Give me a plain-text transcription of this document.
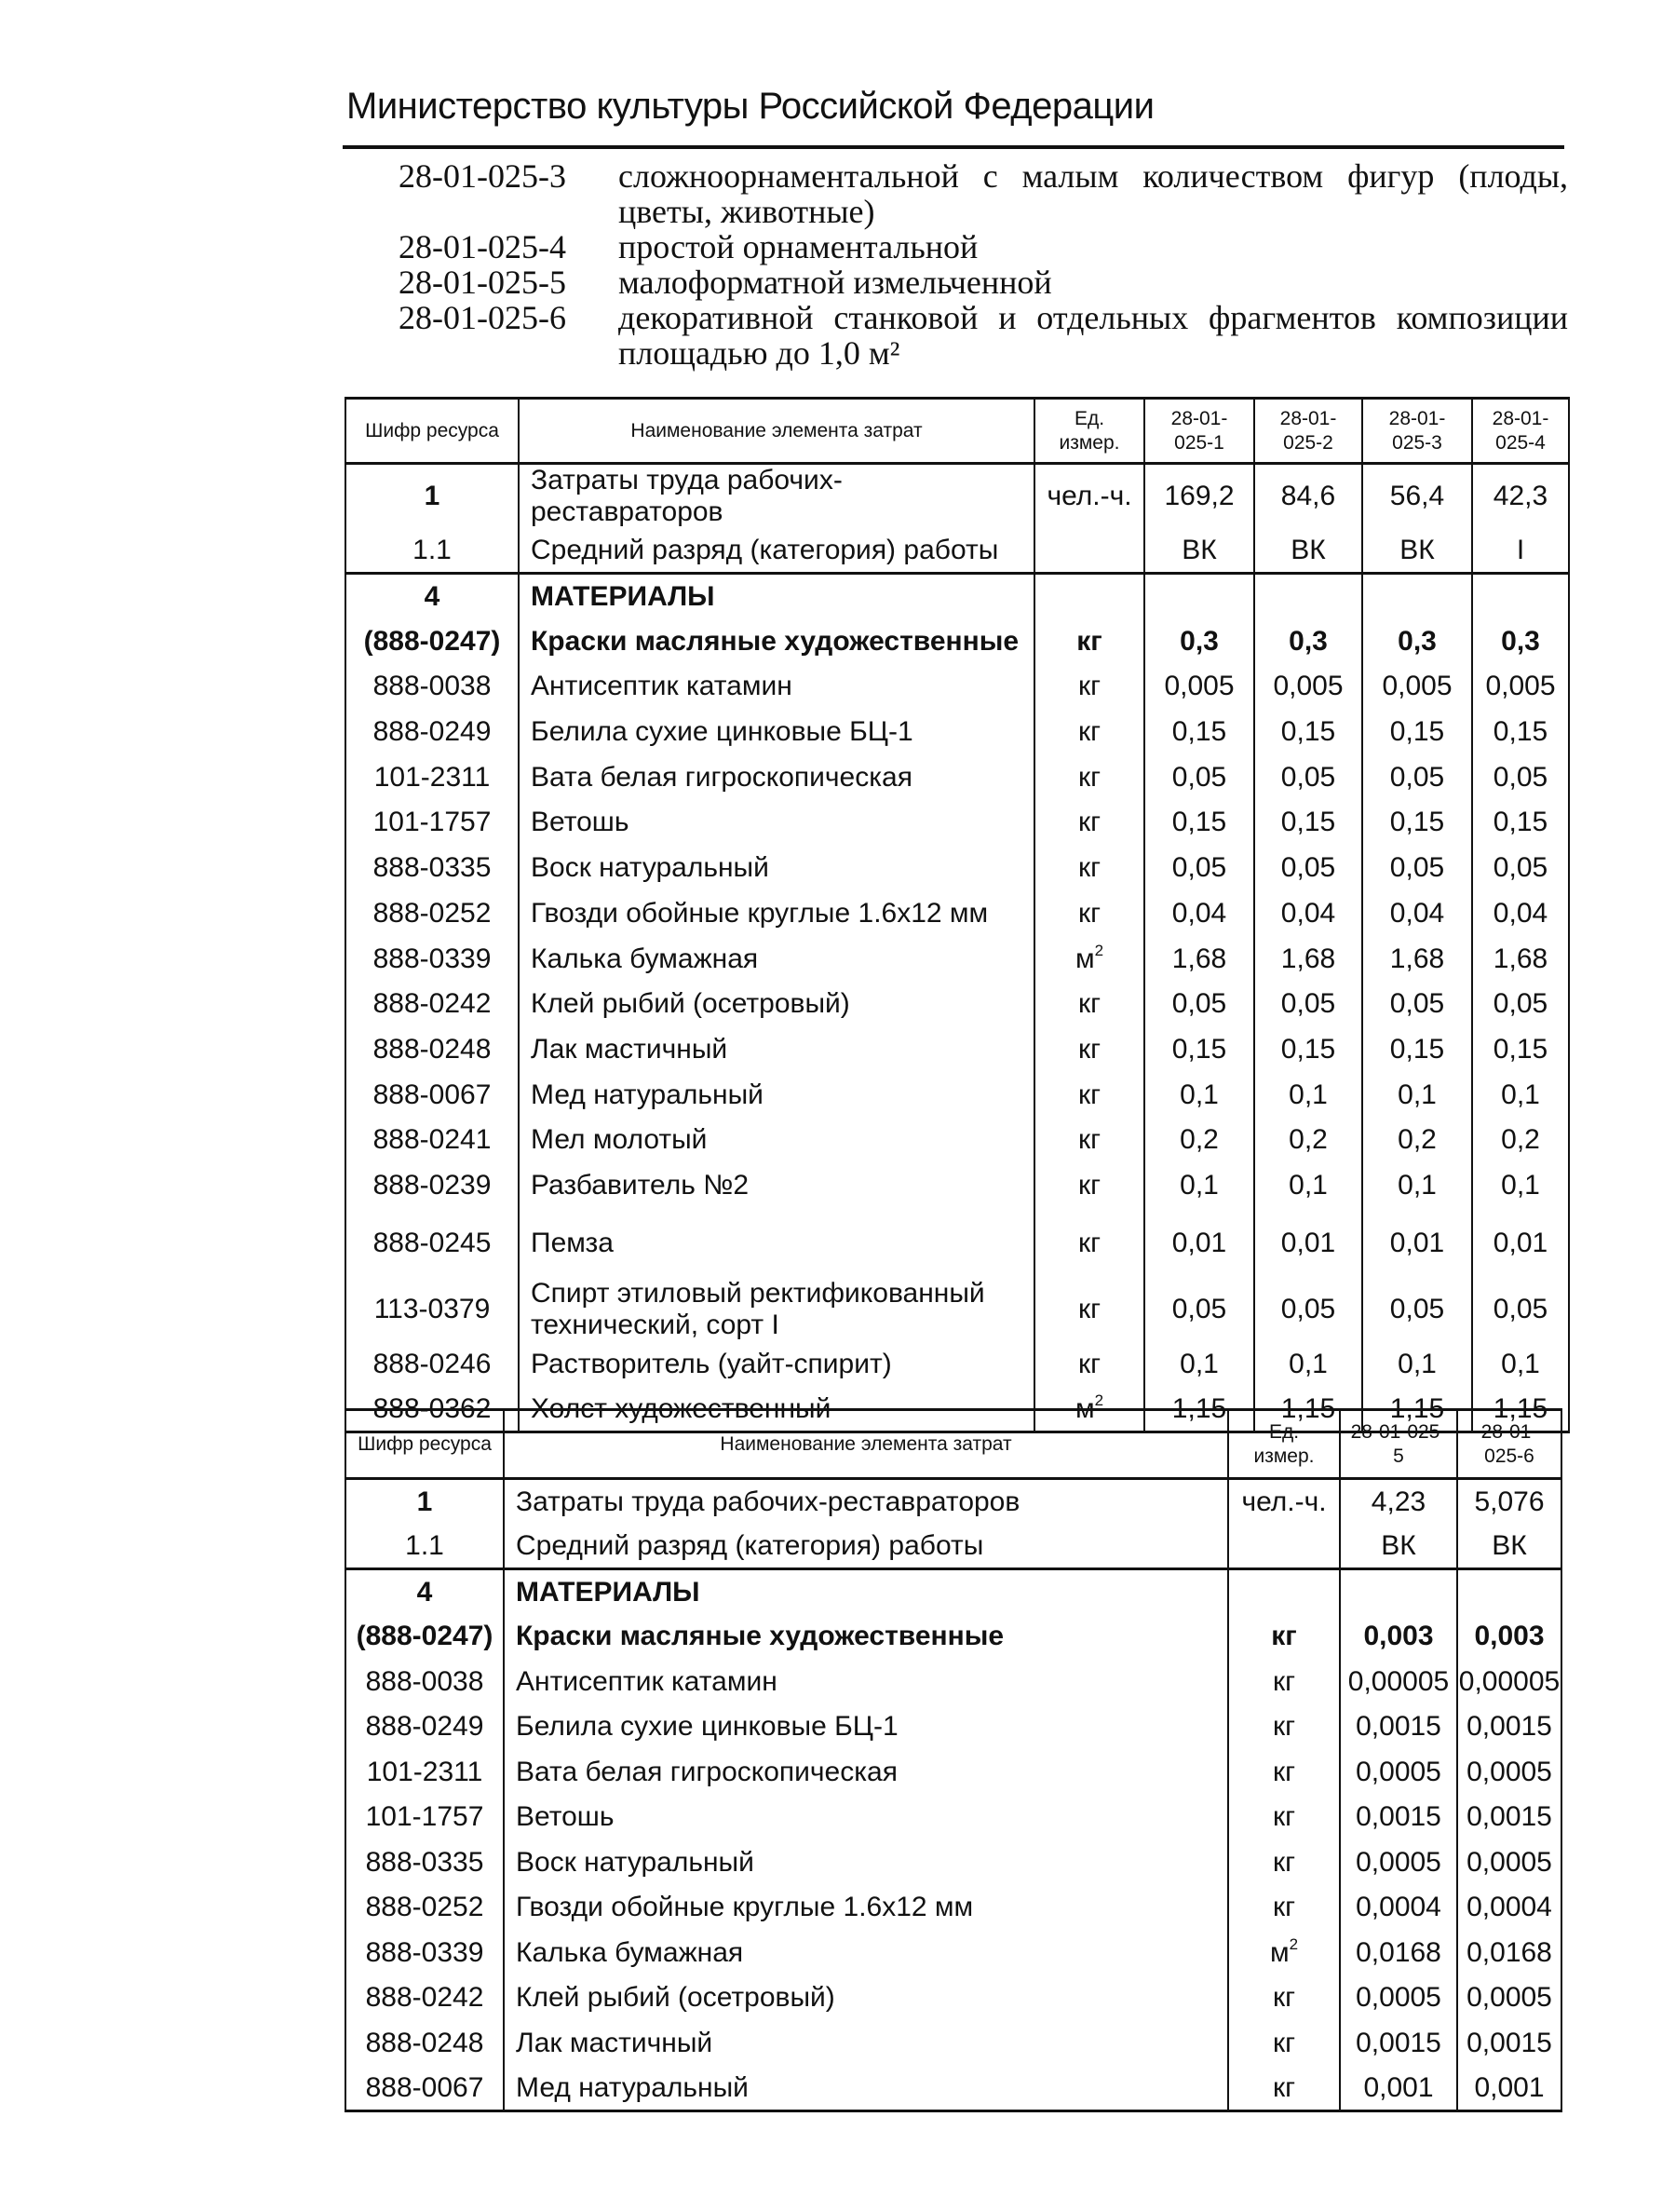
Министерство культуры Российской Федерации
28-01-025-3	сложноорнаментальной с малым количеством фигур (плоды, цветы, животные)
28-01-025-4	простой орнаментальной
28-01-025-5	малоформатной измельченной
28-01-025-6	декоративной станковой и отдельных фрагментов композиции площадью до 1,0 м²
Шифр ресурса	Наименование элемента затрат	Ед. измер.	28-01-025-1	28-01-025-2	28-01-025-3	28-01-025-4
1	Затраты труда рабочих-реставраторов	чел.-ч.	169,2	84,6	56,4	42,3
1.1	Средний разряд (категория) работы		ВК	ВК	ВК	I
4	МАТЕРИАЛЫ					
(888-0247)	Краски масляные художественные	кг	0,3	0,3	0,3	0,3
888-0038	Антисептик катамин	кг	0,005	0,005	0,005	0,005
888-0249	Белила сухие цинковые БЦ-1	кг	0,15	0,15	0,15	0,15
101-2311	Вата белая гигроскопическая	кг	0,05	0,05	0,05	0,05
101-1757	Ветошь	кг	0,15	0,15	0,15	0,15
888-0335	Воск натуральный	кг	0,05	0,05	0,05	0,05
888-0252	Гвозди обойные круглые 1.6x12 мм	кг	0,04	0,04	0,04	0,04
888-0339	Калька бумажная	$м^2$	1,68	1,68	1,68	1,68
888-0242	Клей рыбий (осетровый)	кг	0,05	0,05	0,05	0,05
888-0248	Лак мастичный	кг	0,15	0,15	0,15	0,15
888-0067	Мед натуральный	кг	0,1	0,1	0,1	0,1
888-0241	Мел молотый	кг	0,2	0,2	0,2	0,2
888-0239	Разбавитель №2	кг	0,1	0,1	0,1	0,1
888-0245	Пемза	кг	0,01	0,01	0,01	0,01
113-0379	Спирт этиловый ректификованный технический, сорт I	кг	0,05	0,05	0,05	0,05
888-0246	Растворитель (уайт-спирит)	кг	0,1	0,1	0,1	0,1
888-0362	Холст художественный	$м^2$	1,15	1,15	1,15	1,15
Шифр ресурса	Наименование элемента затрат	Ед. измер.	28-01-025-5	28-01-025-6
1	Затраты труда рабочих-реставраторов	чел.-ч.	4,23	5,076
1.1	Средний разряд (категория) работы		ВК	ВК
4	МАТЕРИАЛЫ			
(888-0247)	Краски масляные художественные	кг	0,003	0,003
888-0038	Антисептик катамин	кг	0,00005	0,00005
888-0249	Белила сухие цинковые БЦ-1	кг	0,0015	0,0015
101-2311	Вата белая гигроскопическая	кг	0,0005	0,0005
101-1757	Ветошь	кг	0,0015	0,0015
888-0335	Воск натуральный	кг	0,0005	0,0005
888-0252	Гвозди обойные круглые 1.6x12 мм	кг	0,0004	0,0004
888-0339	Калька бумажная	$м^2$	0,0168	0,0168
888-0242	Клей рыбий (осетровый)	кг	0,0005	0,0005
888-0248	Лак мастичный	кг	0,0015	0,0015
888-0067	Мед натуральный	кг	0,001	0,001
